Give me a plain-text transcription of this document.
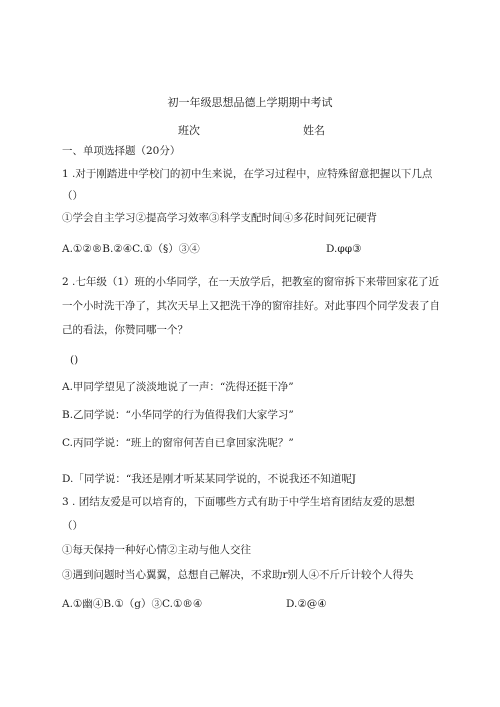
初一年级思想品德上学期期中考试
班次	姓名
一、单项选择题（20分）
1 .对于刚踏进中学校门的初中生来说，在学习过程中，应特殊留意把握以下几点
（）
①学会自主学习②提高学习效率③科学支配时间④多花时间死记硬背
A.①②®B.②④C.①（§）③④	D.φφ③
2 .七年级（1）班的小华同学，在一天放学后，把教室的窗帘拆下来带回家花了近
一个小时洗干净了，其次天早上又把洗干净的窗帘挂好。对此事四个同学发表了自
己的看法，你赞同哪一个？
()
A.甲同学望见了淡淡地说了一声：“洗得还挺干净”
B.乙同学说：“小华同学的行为值得我们大家学习”
C.丙同学说：“班上的窗帘何苦自已拿回家洗呢？”
D.「同学说：“我还是刚才听某某同学说的，不说我还不知道呢J
3 . 团结友爱是可以培育的，下面哪些方式有助于中学生培育团结友爱的思想
（）
①每天保持一种好心情②主动与他人交往
③遇到问题时当心翼翼，总想自己解决，不求助r别人④不斤斤计较个人得失
A.①幽④B.①（g）③C.①®④	D.②@④
